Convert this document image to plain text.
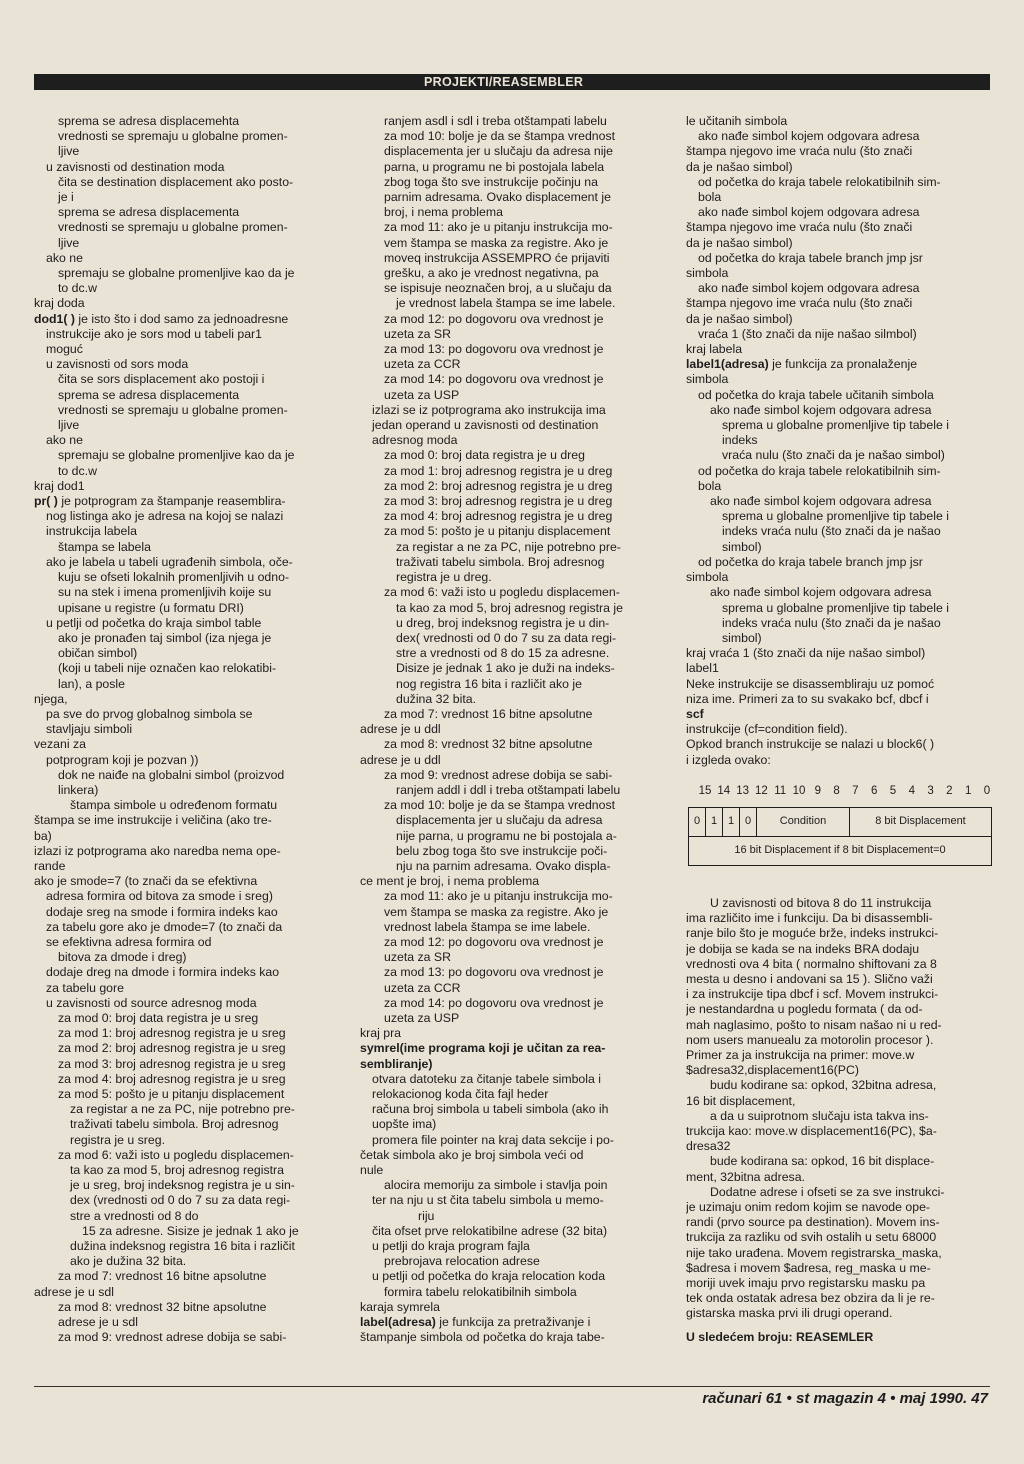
PROJEKTI/REASEMBLER
sprema se adresa displacemehta
vrednosti se spremaju u globalne promen-
ljive
u zavisnosti od destination moda
čita se destination displacement ako posto-
je i
sprema se adresa displacementa
vrednosti se spremaju u globalne promen-
ljive
ako ne
spremaju se globalne promenljive kao da je
to dc.w
kraj doda
dod1( ) je isto što i dod samo za jednoadresne
instrukcije ako je sors mod u tabeli par1
moguć
u zavisnosti od sors moda
čita se sors displacement ako postoji i
sprema se adresa displacementa
vrednosti se spremaju u globalne promen-
ljive
ako ne
spremaju se globalne promenljive kao da je
to dc.w
kraj dod1
pr( ) je potprogram za štampanje reasemblira-
nog listinga ako je adresa na kojoj se nalazi
instrukcija labela
štampa se labela
ako je labela u tabeli ugrađenih simbola, oče-
kuju se ofseti lokalnih promenljivih u odno-
su na stek i imena promenljivih koije su
upisane u registre (u formatu DRI)
u petlji od početka do kraja simbol table
ako je pronađen taj simbol (iza njega je
običan simbol)
(koji u tabeli nije označen kao relokatibi-
lan), a posle
njega,
pa sve do prvog globalnog simbola se
stavljaju simboli
vezani za
potprogram koji je pozvan ))
dok ne naiđe na globalni simbol (proizvod
linkera)
štampa simbole u određenom formatu
štampa se ime instrukcije i veličina (ako tre-
ba)
izlazi iz potprograma ako naredba nema ope-
rande
ako je smode=7 (to znači da se efektivna
adresa formira od bitova za smode i sreg)
dodaje sreg na smode i formira indeks kao
za tabelu gore ako je dmode=7 (to znači da
se efektivna adresa formira od
bitova za dmode i dreg)
dodaje dreg na dmode i formira indeks kao
za tabelu gore
u zavisnosti od source adresnog moda
za mod 0: broj data registra je u sreg
za mod 1: broj adresnog registra je u sreg
za mod 2: broj adresnog registra je u sreg
za mod 3: broj adresnog registra je u sreg
za mod 4: broj adresnog registra je u sreg
za mod 5: pošto je u pitanju displacement
za registar a ne za PC, nije potrebno pre-
traživati tabelu simbola. Broj adresnog
registra je u sreg.
za mod 6: važi isto u pogledu displacemen-
ta kao za mod 5, broj adresnog registra
je u sreg, broj indeksnog registra je u sin-
dex (vrednosti od 0 do 7 su za data regi-
stre a vrednosti od 8 do
15 za adresne. Sisize je jednak 1 ako je
dužina indeksnog registra 16 bita i različit
ako je dužina 32 bita.
za mod 7: vrednost 16 bitne apsolutne
adrese je u sdl
za mod 8: vrednost 32 bitne apsolutne
adrese je u sdl
za mod 9: vrednost adrese dobija se sabi-
ranjem asdl i sdl i treba otštampati labelu
za mod 10: bolje je da se štampa vrednost
displacementa jer u slučaju da adresa nije
parna, u programu ne bi postojala labela
zbog toga što sve instrukcije počinju na
parnim adresama. Ovako displacement je
broj, i nema problema
za mod 11: ako je u pitanju instrukcija mo-
vem štampa se maska za registre. Ako je
moveq instrukcija ASSEMPRO će prijaviti
grešku, a ako je vrednost negativna, pa
se ispisuje neoznačen broj, a u slučaju da
je vrednost labela štampa se ime labele.
za mod 12: po dogovoru ova vrednost je
uzeta za SR
za mod 13: po dogovoru ova vrednost je
uzeta za CCR
za mod 14: po dogovoru ova vrednost je
uzeta za USP
izlazi se iz potprograma ako instrukcija ima
jedan operand u zavisnosti od destination
adresnog moda
za mod 0: broj data registra je u dreg
za mod 1: broj adresnog registra je u dreg
za mod 2: broj adresnog registra je u dreg
za mod 3: broj adresnog registra je u dreg
za mod 4: broj adresnog registra je u dreg
za mod 5: pošto je u pitanju displacement
za registar a ne za PC, nije potrebno pre-
traživati tabelu simbola. Broj adresnog
registra je u dreg.
za mod 6: važi isto u pogledu displacemen-
ta kao za mod 5, broj adresnog registra je
u dreg, broj indeksnog registra je u din-
dex( vrednosti od 0 do 7 su za data regi-
stre a vrednosti od 8 do 15 za adresne.
Disize je jednak 1 ako je duži na indeks-
nog registra 16 bita i različit ako je
dužina 32 bita.
za mod 7: vrednost 16 bitne apsolutne
adrese je u ddl
za mod 8: vrednost 32 bitne apsolutne
adrese je u ddl
za mod 9: vrednost adrese dobija se sabi-
ranjem addl i ddl i treba otštampati labelu
za mod 10: bolje je da se štampa vrednost
displacementa jer u slučaju da adresa
nije parna, u programu ne bi postojala a-
belu zbog toga što sve instrukcije poči-
nju na parnim adresama. Ovako displa-
ce ment je broj, i nema problema
za mod 11: ako je u pitanju instrukcija mo-
vem štampa se maska za registre. Ako je
vrednost labela štampa se ime labele.
za mod 12: po dogovoru ova vrednost je
uzeta za SR
za mod 13: po dogovoru ova vrednost je
uzeta za CCR
za mod 14: po dogovoru ova vrednost je
uzeta za USP
kraj pra
symrel(ime programa koji je učitan za rea-
sembliranje)
otvara datoteku za čitanje tabele simbola i
relokacionog koda čita fajl heder
računa broj simbola u tabeli simbola (ako ih
uopšte ima)
promera file pointer na kraj data sekcije i po-
četak simbola ako je broj simbola veći od
nule
alocira memoriju za simbole i stavlja poin
ter na nju u st čita tabelu simbola u memo-
riju
čita ofset prve relokatibilne adrese (32 bita)
u petlji do kraja program fajla
prebrojava relocation adrese
u petlji od početka do kraja relocation koda
formira tabelu relokatibilnih simbola
karaja symrela
label(adresa) je funkcija za pretraživanje i
štampanje simbola od početka do kraja tabe-
le učitanih simbola
ako nađe simbol kojem odgovara adresa
štampa njegovo ime vraća nulu (što znači
da je našao simbol)
od početka do kraja tabele relokatibilnih sim-
bola
ako nađe simbol kojem odgovara adresa
štampa njegovo ime vraća nulu (što znači
da je našao simbol)
od početka do kraja tabele branch jmp jsr
simbola
ako nađe simbol kojem odgovara adresa
štampa njegovo ime vraća nulu (što znači
da je našao simbol)
vraća 1 (što znači da nije našao silmbol)
kraj labela
label1(adresa) je funkcija za pronalaženje
simbola
od početka do kraja tabele učitanih simbola
ako nađe simbol kojem odgovara adresa
sprema u globalne promenljive tip tabele i
indeks
vraća nulu (što znači da je našao simbol)
od početka do kraja tabele relokatibilnih sim-
bola
ako nađe simbol kojem odgovara adresa
sprema u globalne promenljive tip tabele i
indeks vraća nulu (što znači da je našao
simbol)
od početka do kraja tabele branch jmp jsr
simbola
ako nađe simbol kojem odgovara adresa
sprema u globalne promenljive tip tabele i
indeks vraća nulu (što znači da je našao
simbol)
kraj vraća 1 (što znači da nije našao simbol)
label1
Neke instrukcije se disassembliraju uz pomoć
niza ime. Primeri za to su svakako bcf, dbcf i
scf
instrukcije (cf=condition field).
Opkod branch instrukcije se nalazi u block6( )
i izgleda ovako:
15 14 13 12 11 10 9	8	7	6	5	4	3	2	1	0
0	1	1	0	Condition	8 bit Displacement
16 bit Displacement if 8 bit Displacement=0
U zavisnosti od bitova 8 do 11 instrukcija
ima različito ime i funkciju. Da bi disassembli-
ranje bilo što je moguće brže, indeks instrukci-
je dobija se kada se na indeks BRA dodaju
vrednosti ova 4 bita ( normalno shiftovani za 8
mesta u desno i andovani sa 15 ). Slično važi
i za instrukcije tipa dbcf i scf. Movem instrukci-
je nestandardna u pogledu formata ( da od-
mah naglasimo, pošto to nisam našao ni u red-
nom users manuealu za motorolin procesor ).
Primer za ja instrukcija na primer: move.w
$adresa32,displacement16(PC)
budu kodirane sa: opkod, 32bitna adresa,
16 bit displacement,
a da u suiprotnom slučaju ista takva ins-
trukcija kao: move.w displacement16(PC), $a-
dresa32
bude kodirana sa: opkod, 16 bit displace-
ment, 32bitna adresa.
Dodatne adrese i ofseti se za sve instrukci-
je uzimaju onim redom kojim se navode ope-
randi (prvo source pa destination). Movem ins-
trukcija za razliku od svih ostalih u setu 68000
nije tako urađena. Movem registrarska_maska,
$adresa i movem $adresa, reg_maska u me-
moriji uvek imaju prvo registarsku masku pa
tek onda ostatak adresa bez obzira da li je re-
gistarska maska prvi ili drugi operand.
U sledećem broju: REASEMLER
računari 61 • st magazin 4 • maj 1990. 47
